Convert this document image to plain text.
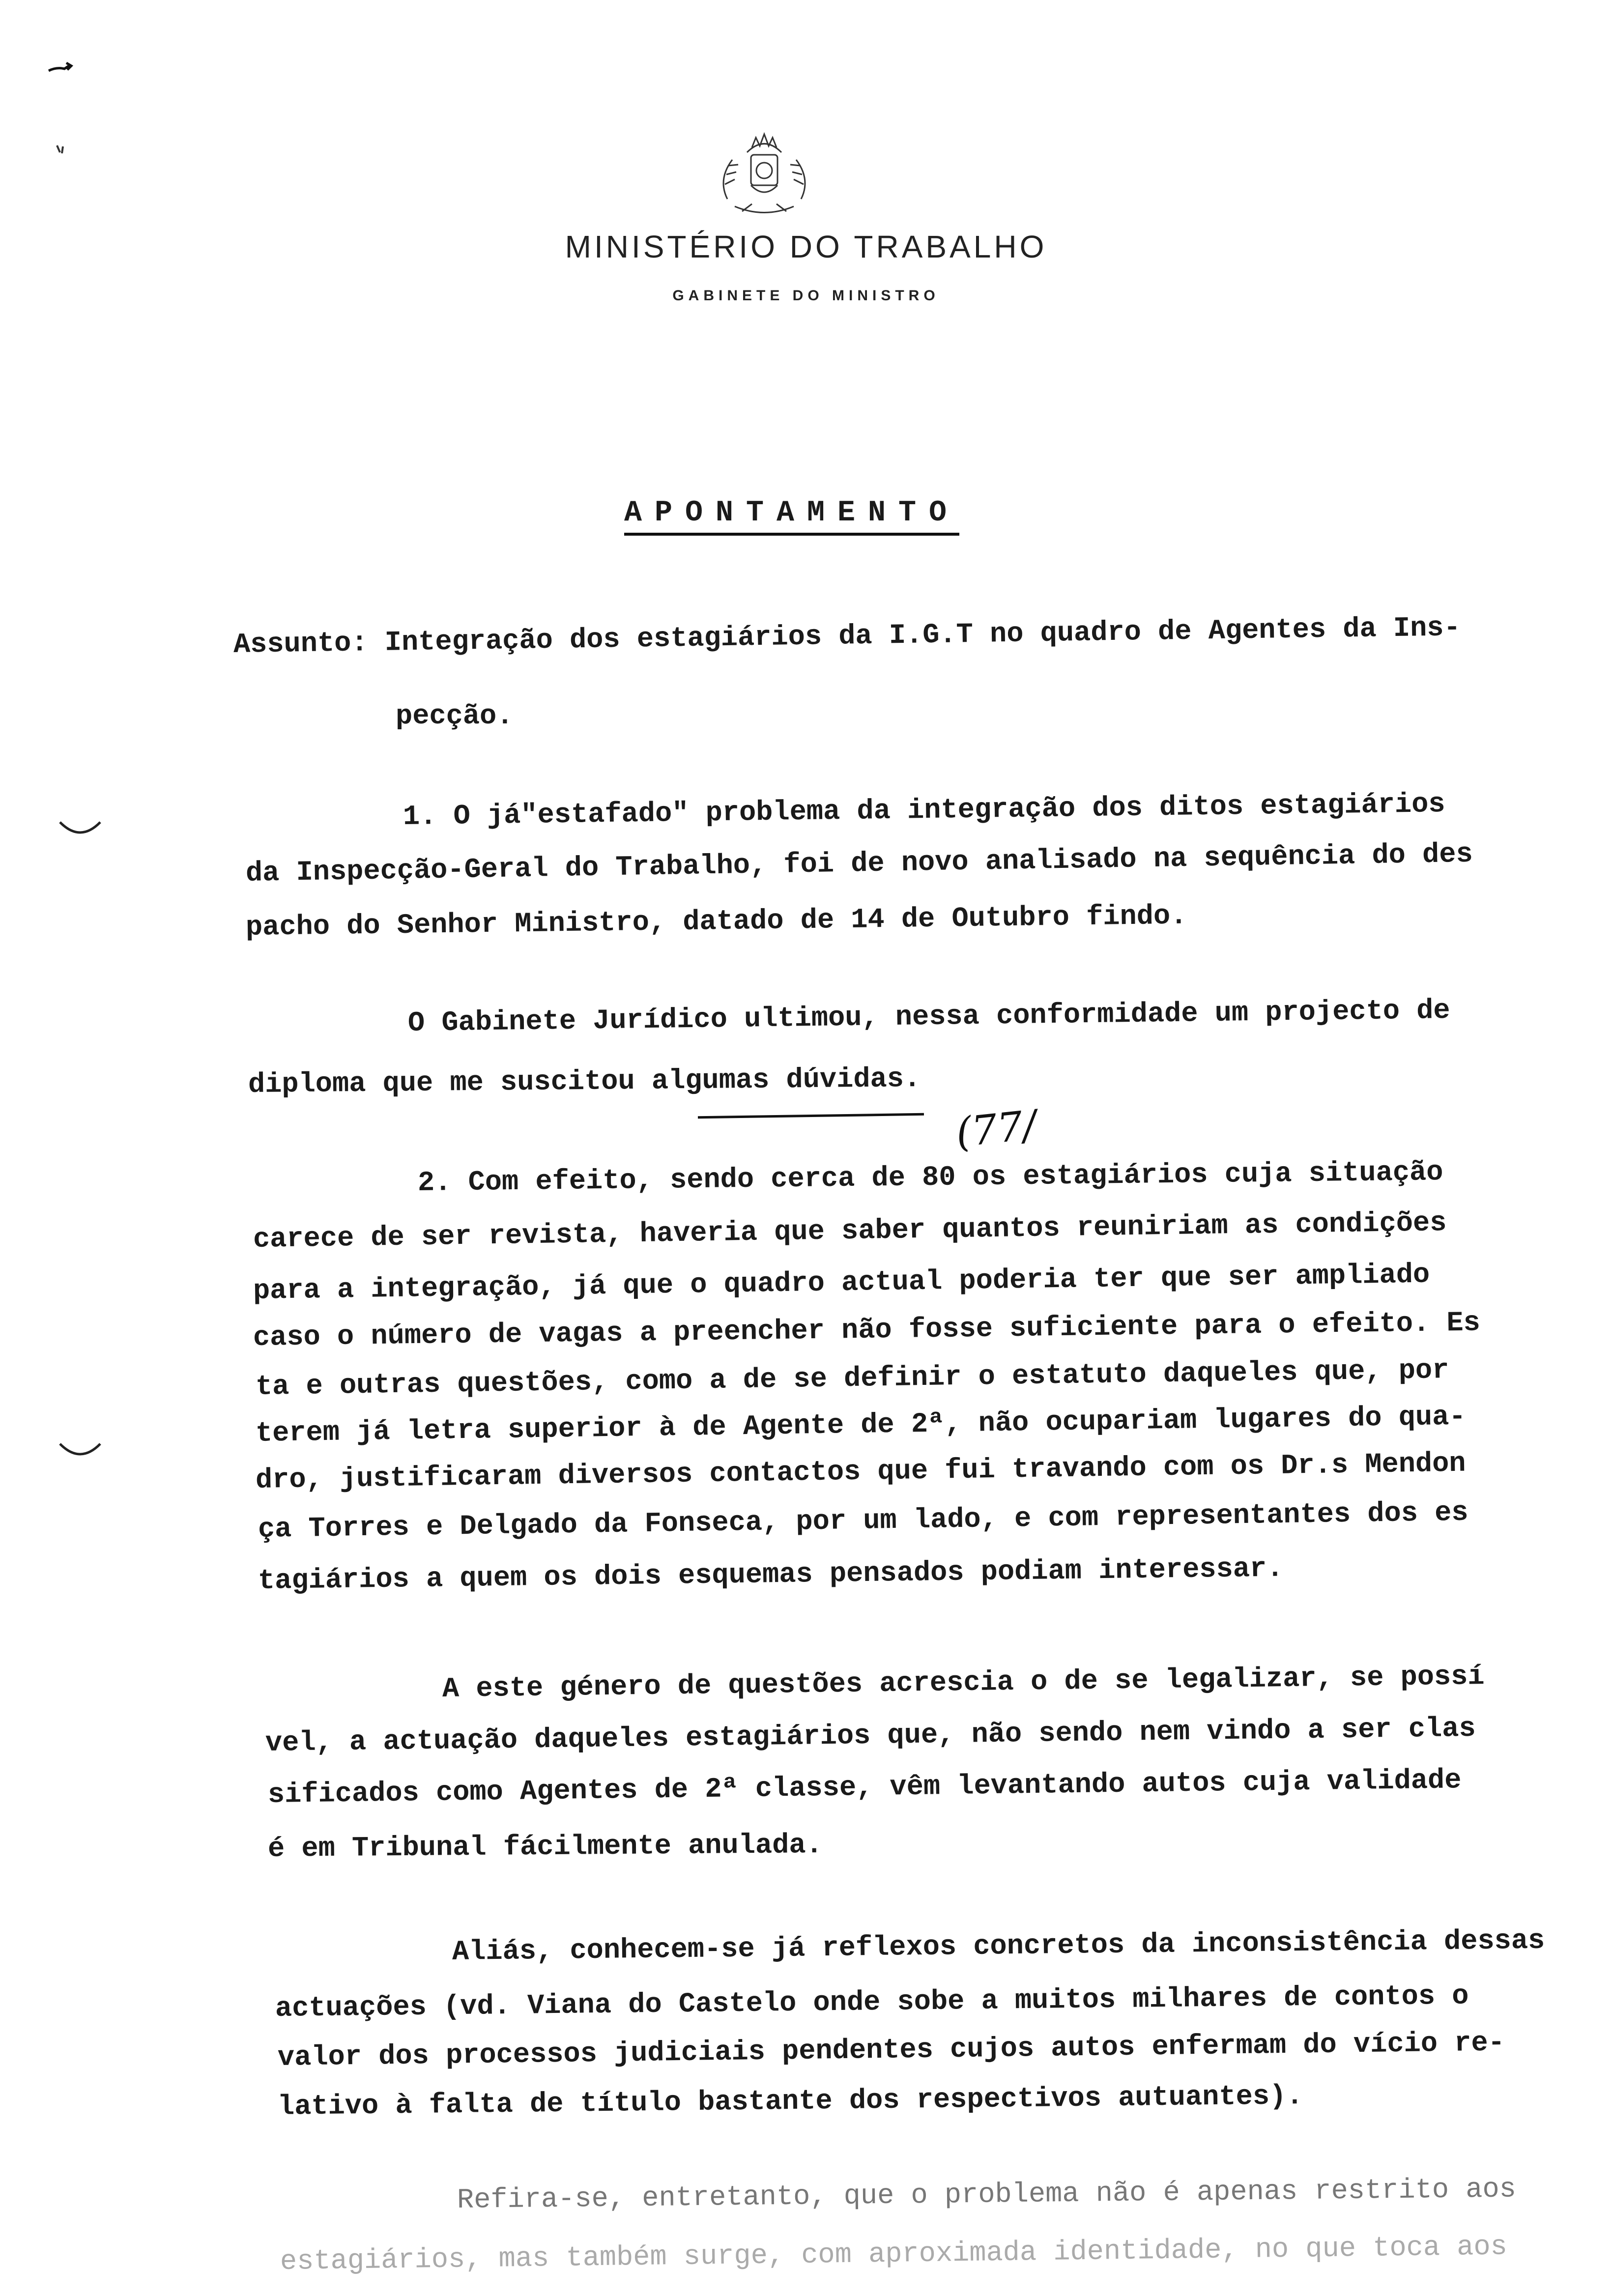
MINISTÉRIO DO TRABALHO
GABINETE DO MINISTRO
APONTAMENTO
Assunto: Integração dos estagiários da I.G.T no quadro de Agentes da Ins-
pecção.
1. O já"estafado" problema da integração dos ditos estagiários
da Inspecção-Geral do Trabalho, foi de novo analisado na sequência do des
pacho do Senhor Ministro, datado de 14 de Outubro findo.
O Gabinete Jurídico ultimou, nessa conformidade um projecto de
diploma que me suscitou algumas dúvidas.
(77/
2. Com efeito, sendo cerca de 80 os estagiários cuja situação
carece de ser revista, haveria que saber quantos reuniriam as condições
para a integração, já que o quadro actual poderia ter que ser ampliado
caso o número de vagas a preencher não fosse suficiente para o efeito. Es
ta e outras questões, como a de se definir o estatuto daqueles que, por
terem já letra superior à de Agente de 2ª, não ocupariam lugares do qua-
dro, justificaram diversos contactos que fui travando com os Dr.s Mendon
ça Torres e Delgado da Fonseca, por um lado, e com representantes dos es
tagiários a quem os dois esquemas pensados podiam interessar.
A este género de questões acrescia o de se legalizar, se possí
vel, a actuação daqueles estagiários que, não sendo nem vindo a ser clas
sificados como Agentes de 2ª classe, vêm levantando autos cuja validade
é em Tribunal fácilmente anulada.
Aliás, conhecem-se já reflexos concretos da inconsistência dessas
actuações (vd. Viana do Castelo onde sobe a muitos milhares de contos o
valor dos processos judiciais pendentes cujos autos enfermam do vício re-
lativo à falta de título bastante dos respectivos autuantes).
Refira-se, entretanto, que o problema não é apenas restrito aos
estagiários, mas também surge, com aproximada identidade, no que toca aos
